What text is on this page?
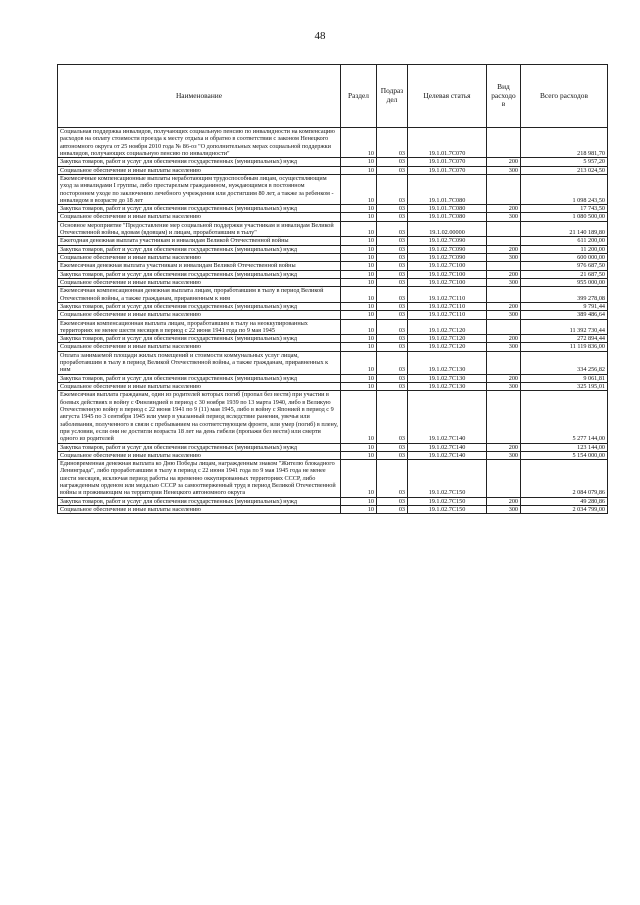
48
Наименование	Раздел	Подраз дел	Целевая статья	Вид расходо в	Всего расходов
Социальная поддержка инвалидов, получающих социальную пенсию по инвалидности на компенсацию расходов на оплату стоимости проезда к месту отдыха и обратно в соответствии с законом Ненецкого автономного округа от 25 ноября 2010 года № 86-оз "О дополнительных мерах социальной поддержки инвалидов, получающих социальную пенсию по инвалидности"	10	03	19.1.01.7C070		218 981,70
Закупка товаров, работ и услуг для обеспечения государственных (муниципальных) нужд	10	03	19.1.01.7C070	200	5 957,20
Социальное обеспечение и иные выплаты населению	10	03	19.1.01.7C070	300	213 024,50
Ежемесячные компенсационные выплаты неработающим трудоспособным лицам, осуществляющим уход за инвалидами I группы, либо престарелым гражданином, нуждающимся в постоянном постороннем уходе по заключению лечебного учреждения или достигшим 80 лет, а также за ребенком - инвалидом в возрасте до 18 лет	10	03	19.1.01.7C080		1 098 243,50
Закупка товаров, работ и услуг для обеспечения государственных (муниципальных) нужд	10	03	19.1.01.7C080	200	17 743,50
Социальное обеспечение и иные выплаты населению	10	03	19.1.01.7C080	300	1 080 500,00
Основное мероприятие "Предоставление мер социальной поддержки участникам и инвалидам Великой Отечественной войны, вдовам (вдовцам) и лицам, проработавшим в тылу"	10	03	19.1.02.00000		21 140 189,80
Ежегодная денежная выплата участникам и инвалидам Великой Отечественной войны	10	03	19.1.02.7C090		611 200,00
Закупка товаров, работ и услуг для обеспечения государственных (муниципальных) нужд	10	03	19.1.02.7C090	200	11 200,00
Социальное обеспечение и иные выплаты населению	10	03	19.1.02.7C090	300	600 000,00
Ежемесячная денежная выплата участникам и инвалидам Великой Отечественной войны	10	03	19.1.02.7C100		976 687,50
Закупка товаров, работ и услуг для обеспечения государственных (муниципальных) нужд	10	03	19.1.02.7C100	200	21 687,50
Социальное обеспечение и иные выплаты населению	10	03	19.1.02.7C100	300	955 000,00
Ежемесячная компенсационная денежная выплата лицам, проработавшим в тылу в период Великой Отечественной войны, а также гражданам, приравненным к ним	10	03	19.1.02.7C110		399 278,08
Закупка товаров, работ и услуг для обеспечения государственных (муниципальных) нужд	10	03	19.1.02.7C110	200	9 791,44
Социальное обеспечение и иные выплаты населению	10	03	19.1.02.7C110	300	389 486,64
Ежемесячная компенсационная выплата лицам, проработавшим в тылу на неоккупированных территориях не менее шести месяцев в период с 22 июня 1941 года по 9 мая 1945	10	03	19.1.02.7C120		11 392 730,44
Закупка товаров, работ и услуг для обеспечения государственных (муниципальных) нужд	10	03	19.1.02.7C120	200	272 894,44
Социальное обеспечение и иные выплаты населению	10	03	19.1.02.7C120	300	11 119 836,00
Оплата занимаемой площади жилых помещений и стоимости коммунальных услуг лицам, проработавшим в тылу в период Великой Отечественной войны, а также гражданам, приравненных к ним	10	03	19.1.02.7C130		334 256,82
Закупка товаров, работ и услуг для обеспечения государственных (муниципальных) нужд	10	03	19.1.02.7C130	200	9 061,81
Социальное обеспечение и иные выплаты населению	10	03	19.1.02.7C130	300	325 195,01
Ежемесячная выплата гражданам, один из родителей которых погиб (пропал без вести) при участии в боевых действиях в войну с Финляндией в период с 30 ноября 1939 по 13 марта 1940, либо в Великую Отечественную войну в период с 22 июня 1941 по 9 (11) мая 1945, либо в войну с Японией в период с 9 августа 1945 по 3 сентября 1945 или умер в указанный период вследствие ранения, увечья или заболевания, полученного в связи с пребыванием на соответствующем фронте, или умер (погиб) в плену, при условии, если они не достигли возраста 18 лет на день гибели (пропажи без вести) или смерти одного из родителей	10	03	19.1.02.7C140		5 277 144,00
Закупка товаров, работ и услуг для обеспечения государственных (муниципальных) нужд	10	03	19.1.02.7C140	200	123 144,00
Социальное обеспечение и иные выплаты населению	10	03	19.1.02.7C140	300	5 154 000,00
Единовременная денежная выплата ко Дню Победы лицам, награжденным знаком "Жителю блокадного Ленинграда", либо проработавшим в тылу в период с 22 июня 1941 года по 9 мая 1945 года не менее шести месяцев, исключая период работы на временно оккупированных территориях СССР, либо награжденным орденом или медалью СССР за самоотверженный труд в период Великой Отечественной войны и проживающим на территории Ненецкого автономного округа	10	03	19.1.02.7C150		2 084 079,86
Закупка товаров, работ и услуг для обеспечения государственных (муниципальных) нужд	10	03	19.1.02.7C150	200	49 280,86
Социальное обеспечение и иные выплаты населению	10	03	19.1.02.7C150	300	2 034 799,00
